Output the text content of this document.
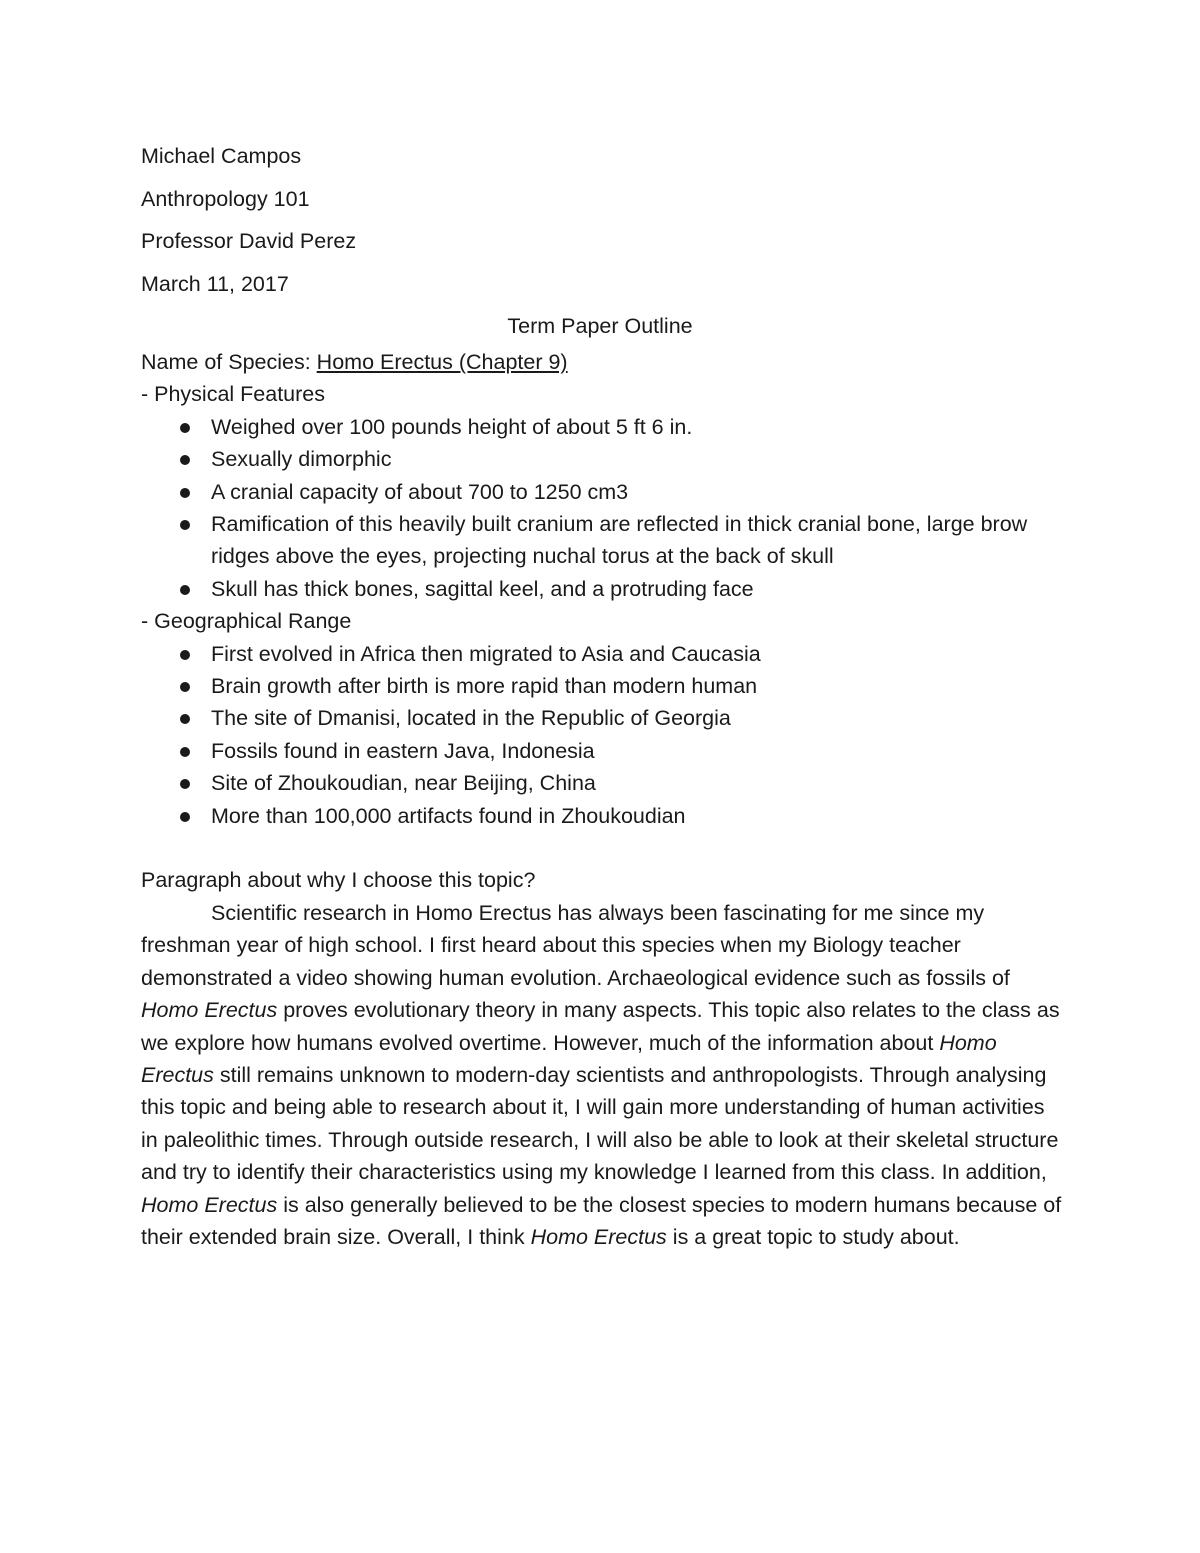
Michael Campos
Anthropology 101
Professor David Perez
March 11, 2017
Term Paper Outline
Name of Species: Homo Erectus (Chapter 9)
- Physical Features
Weighed over 100 pounds height of about 5 ft 6 in.
Sexually dimorphic
A cranial capacity of about 700 to 1250 cm3
Ramification of this heavily built cranium are reflected in thick cranial bone, large brow ridges above the eyes, projecting nuchal torus at the back of skull
Skull has thick bones, sagittal keel, and a protruding face
- Geographical Range
First evolved in Africa then migrated to Asia and Caucasia
Brain growth after birth is more rapid than modern human
The site of Dmanisi, located in the Republic of Georgia
Fossils found in eastern Java, Indonesia
Site of Zhoukoudian, near Beijing, China
More than 100,000 artifacts found in Zhoukoudian
Paragraph about why I choose this topic?

Scientific research in Homo Erectus has always been fascinating for me since my freshman year of high school. I first heard about this species when my Biology teacher demonstrated a video showing human evolution. Archaeological evidence such as fossils of Homo Erectus proves evolutionary theory in many aspects. This topic also relates to the class as we explore how humans evolved overtime. However, much of the information about Homo Erectus still remains unknown to modern-day scientists and anthropologists. Through analysing this topic and being able to research about it, I will gain more understanding of human activities in paleolithic times. Through outside research, I will also be able to look at their skeletal structure and try to identify their characteristics using my knowledge I learned from this class. In addition, Homo Erectus is also generally believed to be the closest species to modern humans because of their extended brain size. Overall, I think Homo Erectus is a great topic to study about.
